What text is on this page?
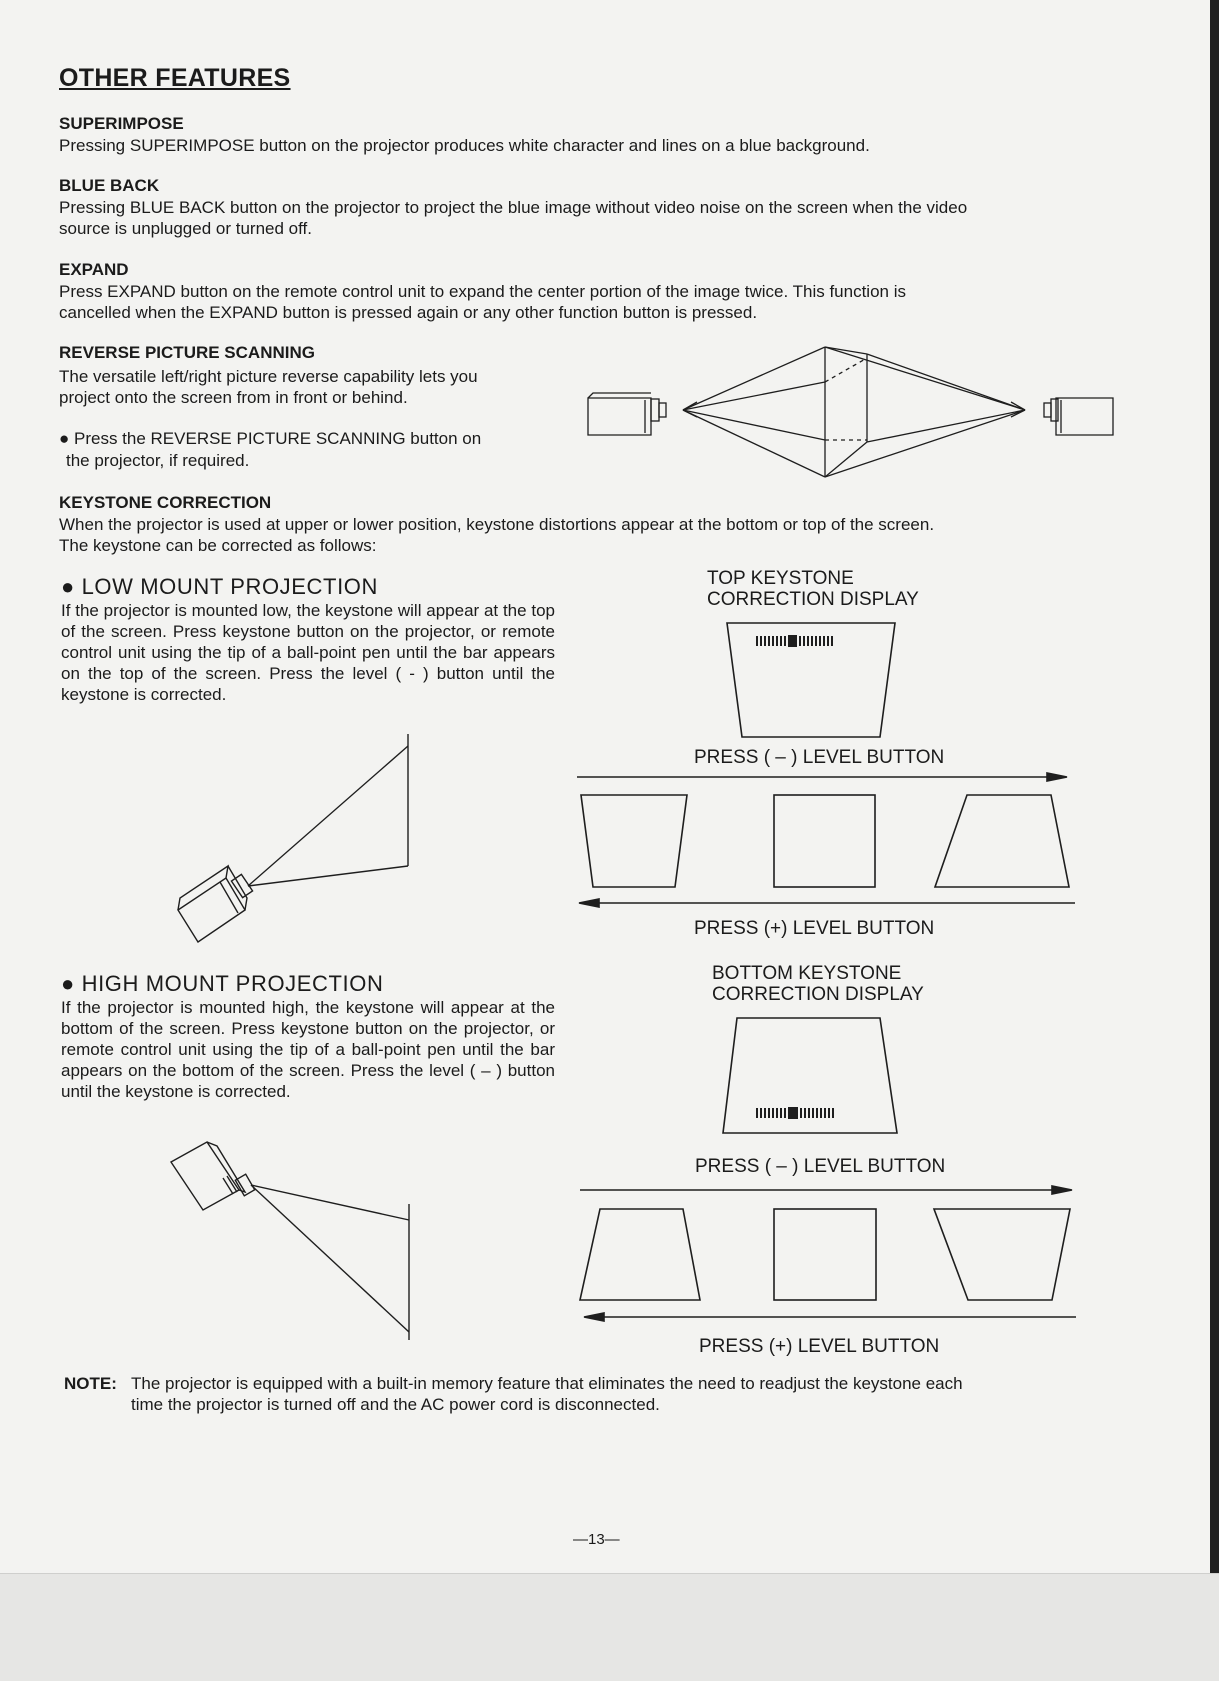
OTHER FEATURES
SUPERIMPOSE
Pressing SUPERIMPOSE button on the projector produces white character and lines on a blue background.
BLUE BACK
Pressing BLUE BACK button on the projector to project the blue image without video noise on the screen when the video
source is unplugged or turned off.
EXPAND
Press EXPAND button on the remote control unit to expand the center portion of the image twice. This function is
cancelled when the EXPAND button is pressed again or any other function button is pressed.
REVERSE PICTURE SCANNING
The versatile left/right picture reverse capability lets you
project onto the screen from in front or behind.
● Press the REVERSE PICTURE SCANNING button on
the projector, if required.
KEYSTONE CORRECTION
When the projector is used at upper or lower position, keystone distortions appear at the bottom or top of the screen.
The keystone can be corrected as follows:
● LOW MOUNT PROJECTION
If the projector is mounted low, the keystone will appear at the top of the screen. Press keystone button on the projector, or remote control unit using the tip of a ball-point pen until the bar appears on the top of the screen. Press the level ( - ) button until the keystone is corrected.
TOP KEYSTONE
CORRECTION DISPLAY
PRESS ( – ) LEVEL BUTTON
PRESS (+) LEVEL BUTTON
● HIGH MOUNT PROJECTION
If the projector is mounted high, the keystone will appear at the bottom of the screen. Press keystone button on the projector, or remote control unit using the tip of a ball-point pen until the bar appears on the bottom of the screen. Press the level ( – ) button until the keystone is corrected.
BOTTOM KEYSTONE
CORRECTION DISPLAY
PRESS ( – ) LEVEL BUTTON
PRESS (+) LEVEL BUTTON
NOTE: The projector is equipped with a built-in memory feature that eliminates the need to readjust the keystone each
time the projector is turned off and the AC power cord is disconnected.
—13—
